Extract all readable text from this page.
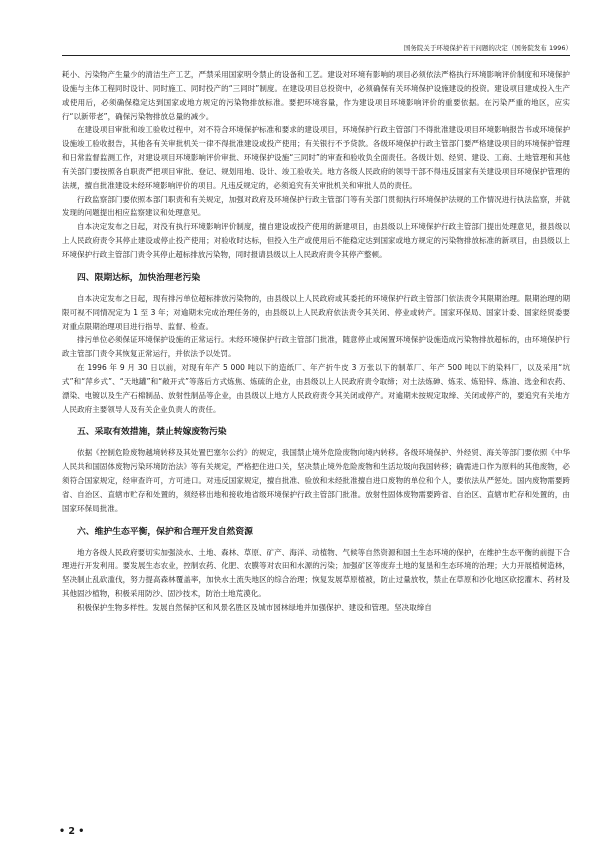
国务院关于环境保护若干问题的决定（国务院发布 1996）

耗小、污染物产生量少的清洁生产工艺，严禁采用国家明令禁止的设备和工艺。建设对环境有影响的项目必须依法严格执行环境影响评价制度和环境保护设施与主体工程同时设计、同时施工、同时投产的“三同时”制度。在建设项目总投资中，必须确保有关环境保护设施建设的投资。建设项目建成投入生产或使用后，必须确保稳定达到国家或地方规定的污染物排放标准。要把环境容量，作为建设项目环境影响评价的重要依据。在污染严重的地区，应实行“以新带老”，确保污染物排放总量的减少。

在建设项目审批和竣工验收过程中，对不符合环境保护标准和要求的建设项目，环境保护行政主管部门不得批准建设项目环境影响报告书或环境保护设施竣工验收报告，其他各有关审批机关一律不得批准建设或投产使用；有关银行不予贷款。各级环境保护行政主管部门要严格建设项目的环境保护管理和日常监督监测工作，对建设项目环境影响评价审批、环境保护设施“三同时”的审查和验收负全面责任。各级计划、经贸、建设、工商、土地管理和其他有关部门要按照各自职责严把项目审批、登记、规划用地、设计、竣工验收关。地方各级人民政府的领导干部不得违反国家有关建设项目环境保护管理的法规，擅自批准建设未经环境影响评价的项目。凡违反规定的，必须追究有关审批机关和审批人员的责任。

行政监察部门要依照本部门职责和有关规定，加强对政府及环境保护行政主管部门等有关部门贯彻执行环境保护法规的工作情况进行执法监察，并就发现的问题提出相应监察建议和处理意见。

自本决定发布之日起，对没有执行环境影响评价制度，擅自建设或投产使用的新建项目，由县级以上环境保护行政主管部门提出处理意见，报县级以上人民政府责令其停止建设或停止投产使用；对验收时达标，但投入生产或使用后不能稳定达到国家或地方规定的污染物排放标准的新项目，由县级以上环境保护行政主管部门责令其停止超标排放污染物，同时报请县级以上人民政府责令其停产整顿。

四、限期达标，加快治理老污染

自本决定发布之日起，现有排污单位超标排放污染物的，由县级以上人民政府或其委托的环境保护行政主管部门依法责令其限期治理。限期治理的期限可视不同情况定为 1 至 3 年；对逾期未完成治理任务的，由县级以上人民政府依法责令其关闭、停业或转产。国家环保局、国家计委、国家经贸委要对重点限期治理项目进行指导、监督、检查。

排污单位必须保证环境保护设施的正常运行。未经环境保护行政主管部门批准，随意停止或闲置环境保护设施造成污染物排放超标的，由环境保护行政主管部门责令其恢复正常运行，并依法予以处罚。

在 1996 年 9 月 30 日以前，对现有年产 5 000 吨以下的造纸厂、年产折牛皮 3 万张以下的制革厂、年产 500 吨以下的染料厂，以及采用“坑式”和“萍乡式”、“天地罐”和“敞开式”等落后方式炼焦、炼硫的企业，由县级以上人民政府责令取缔；对土法炼砷、炼汞、炼铅锌、炼油、选金和农药、漂染、电镀以及生产石棉制品、放射性制品等企业，由县级以上地方人民政府责令其关闭或停产。对逾期未按规定取缔、关闭或停产的，要追究有关地方人民政府主要领导人及有关企业负责人的责任。

五、采取有效措施，禁止转嫁废物污染

依据《控制危险废物越境转移及其处置巴塞尔公约》的规定，我国禁止境外危险废物向境内转移。各级环境保护、外经贸、海关等部门要依照《中华人民共和国固体废物污染环境防治法》等有关规定，严格把住进口关，坚决禁止境外危险废物和生活垃圾向我国转移；确需进口作为原料的其他废物，必须符合国家规定，经审查许可，方可进口。对违反国家规定，擅自批准、验放和未经批准擅自进口废物的单位和个人，要依法从严惩处。国内废物需要跨省、自治区、直辖市贮存和处置的，须经移出地和接收地省级环境保护行政主管部门批准。放射性固体废物需要跨省、自治区、直辖市贮存和处置的，由国家环保局批准。

六、维护生态平衡，保护和合理开发自然资源

地方各级人民政府要切实加强淡水、土地、森林、草原、矿产、海洋、动植物、气候等自然资源和国土生态环境的保护，在维护生态平衡的前提下合理进行开发利用。要发展生态农业，控制农药、化肥、农膜等对农田和水源的污染；加强矿区等废弃土地的复垦和生态环境的治理；大力开展植树造林，坚决制止乱砍滥伐，努力提高森林覆盖率，加快水土流失地区的综合治理；恢复发展草原植被，防止过量放牧，禁止在草原和沙化地区砍挖灌木、药材及其他固沙植物，积极采用防沙、固沙技术，防治土地荒漠化。

积极保护生物多样性。发展自然保护区和风景名胜区及城市园林绿地并加强保护、建设和管理。坚决取缔自

• 2 •
